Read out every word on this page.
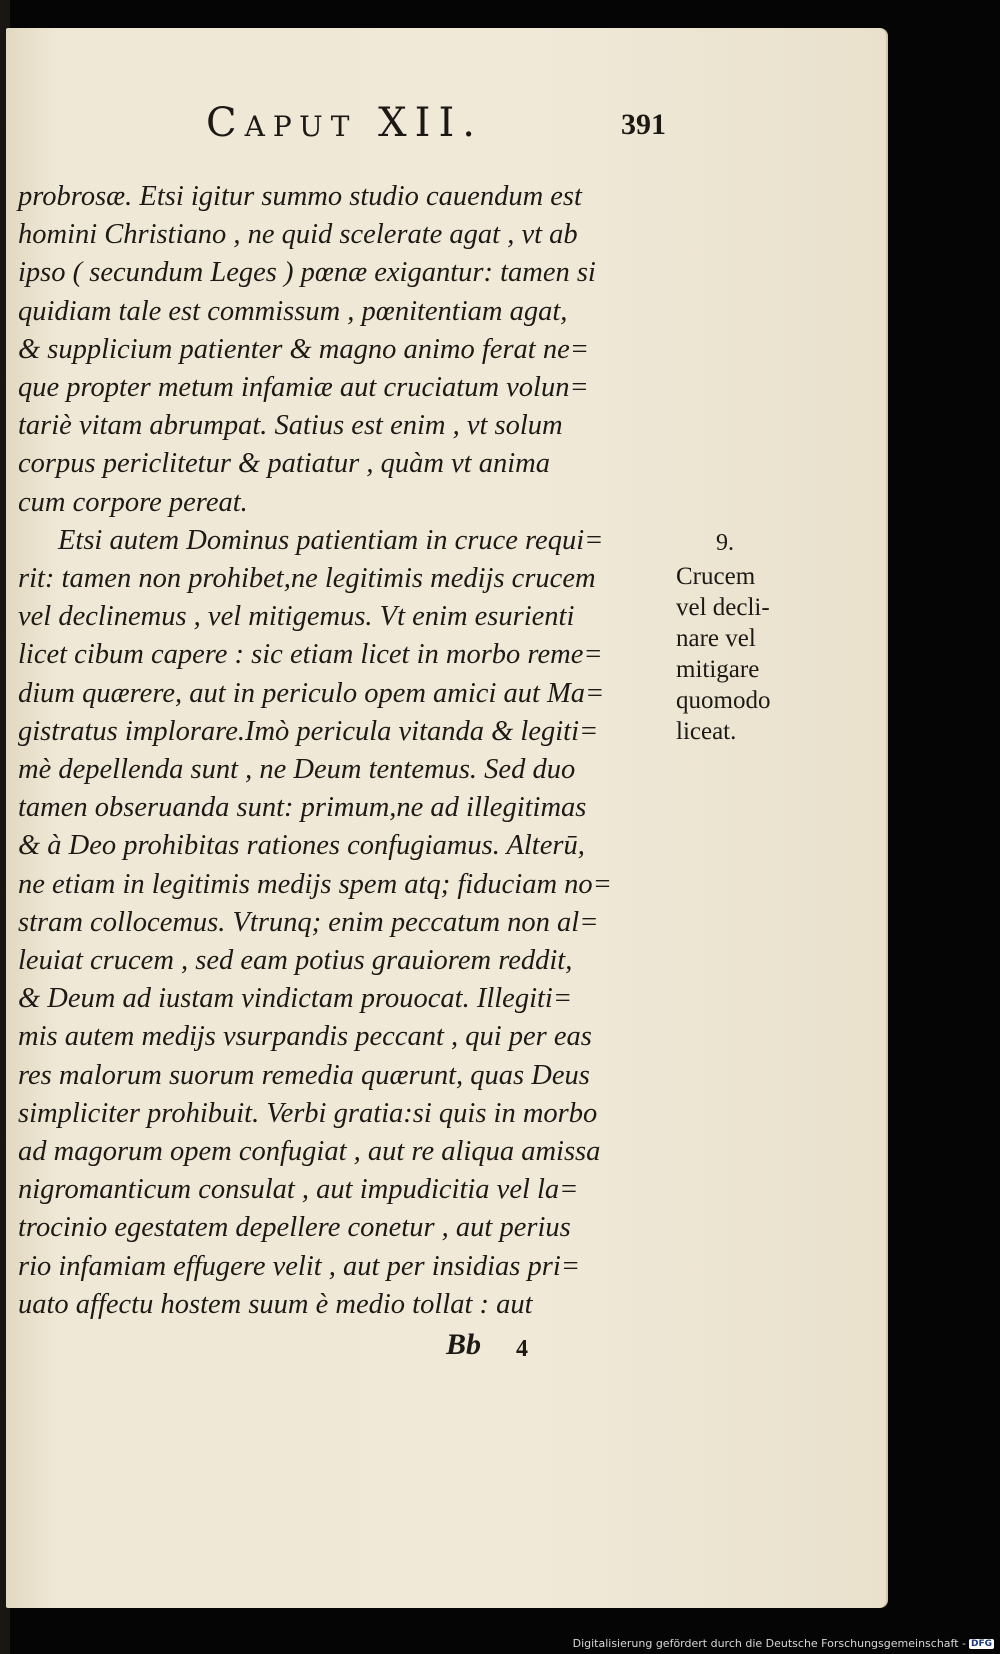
Caput XII.	391
probrosæ. Etsi igitur summo studio cauendum est
homini Christiano , ne quid scelerate agat , vt ab
ipso ( secundum Leges ) pœnæ exigantur: tamen si
quidiam tale est commissum , pœnitentiam agat,
& supplicium patienter & magno animo ferat ne=
que propter metum infamiæ aut cruciatum volun=
tariè vitam abrumpat. Satius est enim , vt solum
corpus periclitetur & patiatur , quàm vt anima
cum corpore pereat.
Etsi autem Dominus patientiam in cruce requi=
rit: tamen non prohibet,ne legitimis medijs crucem
vel declinemus , vel mitigemus. Vt enim esurienti
licet cibum capere : sic etiam licet in morbo reme=
dium quærere, aut in periculo opem amici aut Ma=
gistratus implorare.Imò pericula vitanda & legiti=
mè depellenda sunt , ne Deum tentemus. Sed duo
tamen obseruanda sunt: primum,ne ad illegitimas
& à Deo prohibitas rationes confugiamus. Alterū,
ne etiam in legitimis medijs spem atq; fiduciam no=
stram collocemus. Vtrunq; enim peccatum non al=
leuiat crucem , sed eam potius grauiorem reddit,
& Deum ad iustam vindictam prouocat. Illegiti=
mis autem medijs vsurpandis peccant , qui per eas
res malorum suorum remedia quærunt, quas Deus
simpliciter prohibuit. Verbi gratia:si quis in morbo
ad magorum opem confugiat , aut re aliqua amissa
nigromanticum consulat , aut impudicitia vel la=
trocinio egestatem depellere conetur , aut perius
rio infamiam effugere velit , aut per insidias pri=
uato affectu hostem suum è medio tollat : aut
9.
Crucem
vel decli-
nare vel
mitigare
quomodo
liceat.
Bb 4
Digitalisierung gefördert durch die Deutsche Forschungsgemeinschaft - DFG
